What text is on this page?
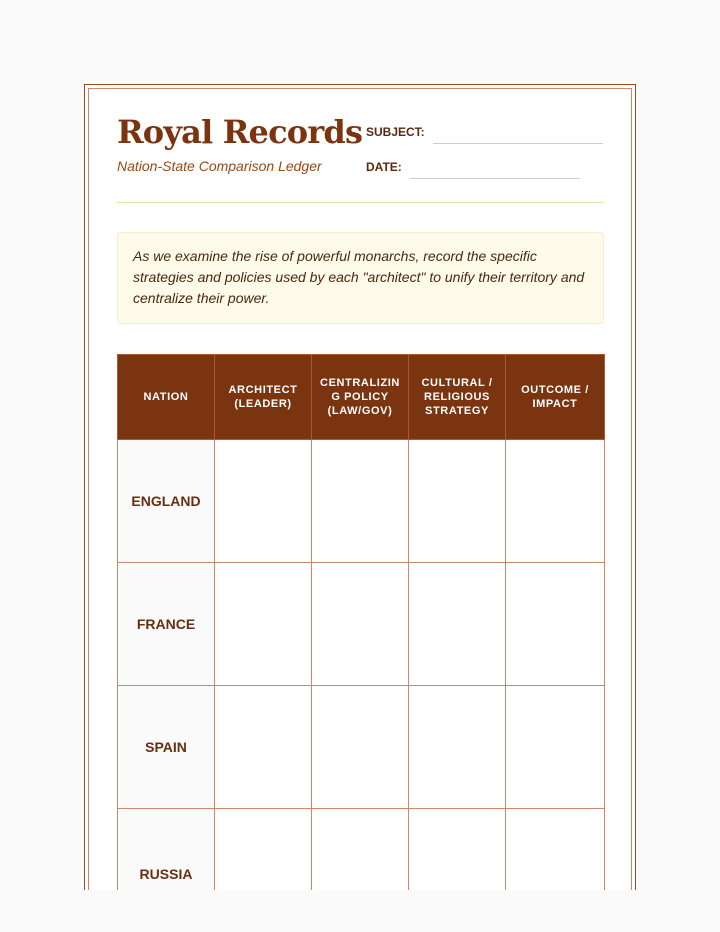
Royal Records

Nation-State Comparison Ledger

SUBJECT:
DATE:
As we examine the rise of powerful monarchs, record the specific strategies and policies used by each "architect" to unify their territory and centralize their power.
NATION	ARCHITECT (LEADER)	CENTRALIZING POLICY (LAW/GOV)	CULTURAL / RELIGIOUS STRATEGY	OUTCOME / IMPACT
ENGLAND				
FRANCE				
SPAIN				
RUSSIA				
